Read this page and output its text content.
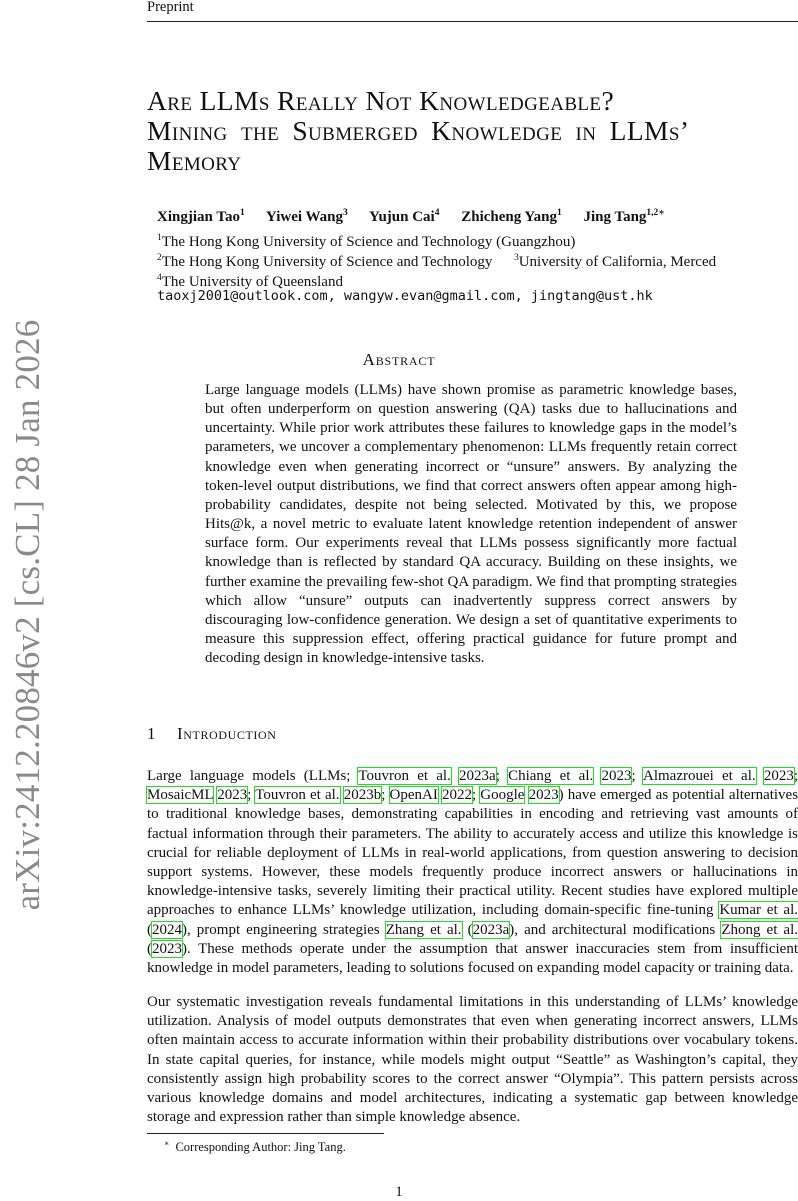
Preprint
arXiv:2412.20846v2 [cs.CL] 28 Jan 2026
Are LLMs Really Not Knowledgeable?
Mining the Submerged Knowledge in LLMs’
Memory
Xingjian Tao$^1$ Yiwei Wang$^3$ Yujun Cai$^4$ Zhicheng Yang$^1$ Jing Tang$^{1,2∗}$
$^1$The Hong Kong University of Science and Technology (Guangzhou)
$^2$The Hong Kong University of Science and Technology $^3$University of California, Merced
$^4$The University of Queensland
taoxj2001@outlook.com, wangyw.evan@gmail.com, jingtang@ust.hk
Abstract
Large language models (LLMs) have shown promise as parametric knowledge bases, but often underperform on question answering (QA) tasks due to hallucinations and uncertainty. While prior work attributes these failures to knowledge gaps in the model’s parameters, we uncover a complementary phenomenon: LLMs frequently retain correct knowledge even when generating incorrect or “unsure” answers. By analyzing the token-level output distributions, we find that correct answers often appear among high-probability candidates, despite not being selected. Motivated by this, we propose Hits@k, a novel metric to evaluate latent knowledge retention independent of answer surface form. Our experiments reveal that LLMs possess significantly more factual knowledge than is reflected by standard QA accuracy. Building on these insights, we further examine the prevailing few-shot QA paradigm. We find that prompting strategies which allow “unsure” outputs can inadvertently suppress correct answers by discouraging low-confidence generation. We design a set of quantitative experiments to measure this suppression effect, offering practical guidance for future prompt and decoding design in knowledge-intensive tasks.
1 Introduction
Large language models (LLMs; Touvron et al. 2023a; Chiang et al. 2023; Almazrouei et al. 2023; MosaicML 2023; Touvron et al. 2023b; OpenAI 2022; Google 2023) have emerged as potential alternatives to traditional knowledge bases, demonstrating capabilities in encoding and retrieving vast amounts of factual information through their parameters. The ability to accurately access and utilize this knowledge is crucial for reliable deployment of LLMs in real-world applications, from question answering to decision support systems. However, these models frequently produce incorrect answers or hallucinations in knowledge-intensive tasks, severely limiting their practical utility. Recent studies have explored multiple approaches to enhance LLMs’ knowledge utilization, including domain-specific fine-tuning Kumar et al. (2024), prompt engineering strategies Zhang et al. (2023a), and architectural modifications Zhong et al. (2023). These methods operate under the assumption that answer inaccuracies stem from insufficient knowledge in model parameters, leading to solutions focused on expanding model capacity or training data.
Our systematic investigation reveals fundamental limitations in this understanding of LLMs’ knowledge utilization. Analysis of model outputs demonstrates that even when generating incorrect answers, LLMs often maintain access to accurate information within their probability distributions over vocabulary tokens. In state capital queries, for instance, while models might output “Seattle” as Washington’s capital, they consistently assign high probability scores to the correct answer “Olympia”. This pattern persists across various knowledge domains and model architectures, indicating a systematic gap between knowledge storage and expression rather than simple knowledge absence.
∗ Corresponding Author: Jing Tang.
1
